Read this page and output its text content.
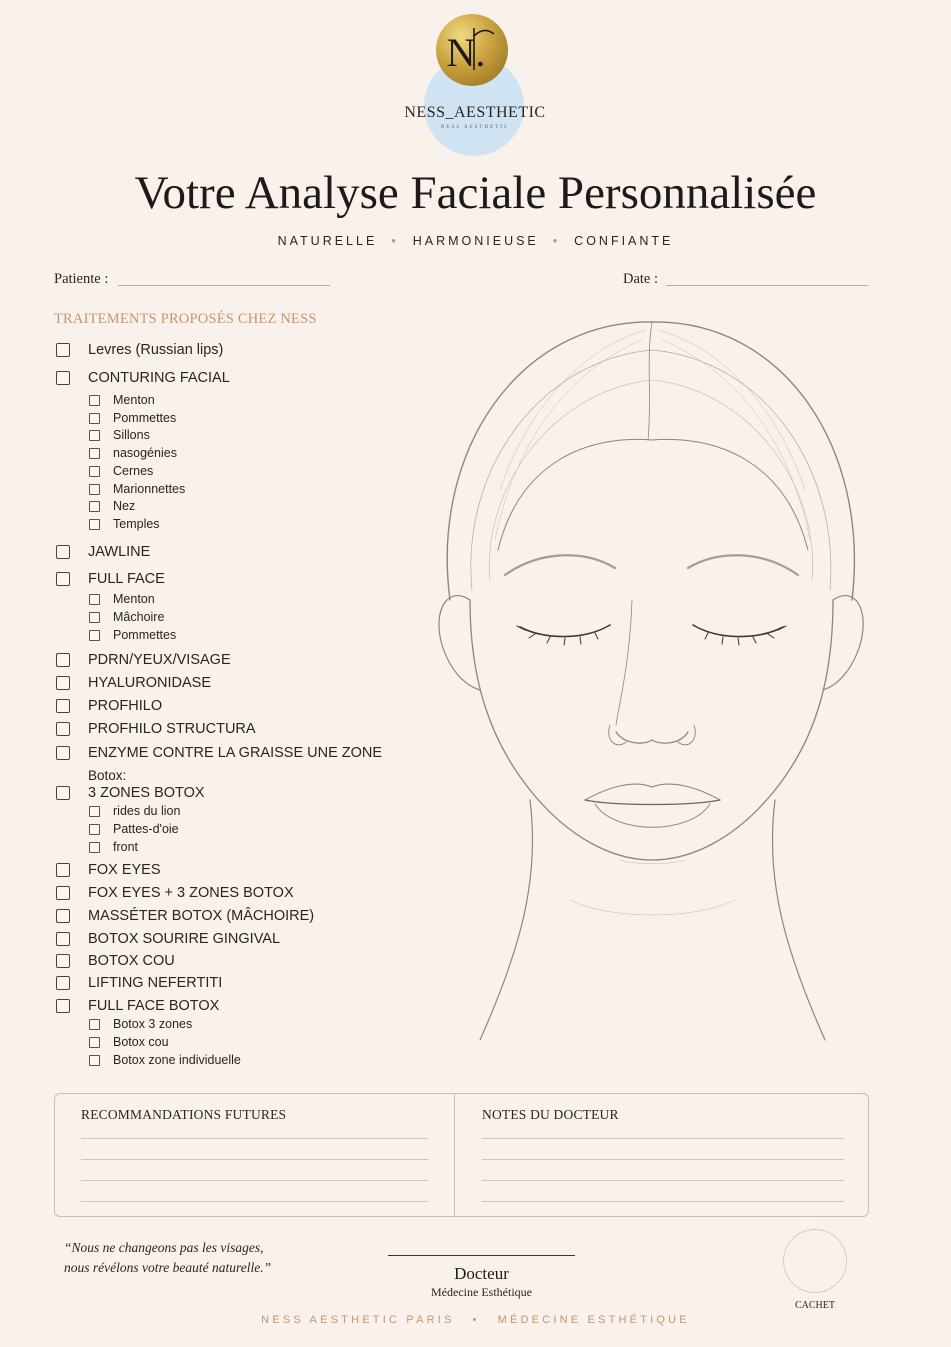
N.
NESS_AESTHETIC
NESS AESTHETIC
Votre Analyse Faciale Personnalisée
NATURELLE • HARMONIEUSE • CONFIANTE
Patiente :	Date :
TRAITEMENTS PROPOSÉS CHEZ NESS
Levres (Russian lips)
CONTURING FACIAL
Menton
Pommettes
Sillons
nasogénies
Cernes
Marionnettes
Nez
Temples
JAWLINE
FULL FACE
Menton
Mâchoire
Pommettes
PDRN/YEUX/VISAGE
HYALURONIDASE
PROFHILO
PROFHILO STRUCTURA
ENZYME CONTRE LA GRAISSE UNE ZONE
Botox:
3 ZONES BOTOX
rides du lion
Pattes-d'oie
front
FOX EYES
FOX EYES + 3 ZONES BOTOX
MASSÉTER BOTOX (MÂCHOIRE)
BOTOX SOURIRE GINGIVAL
BOTOX COU
LIFTING NEFERTITI
FULL FACE BOTOX
Botox 3 zones
Botox cou
Botox zone individuelle
RECOMMANDATIONS FUTURES	NOTES DU DOCTEUR
“Nous ne changeons pas les visages,
nous révélons votre beauté naturelle.”	Docteur
Médecine Esthétique
CACHET
NESS AESTHETIC PARIS • MÉDECINE ESTHÉTIQUE
